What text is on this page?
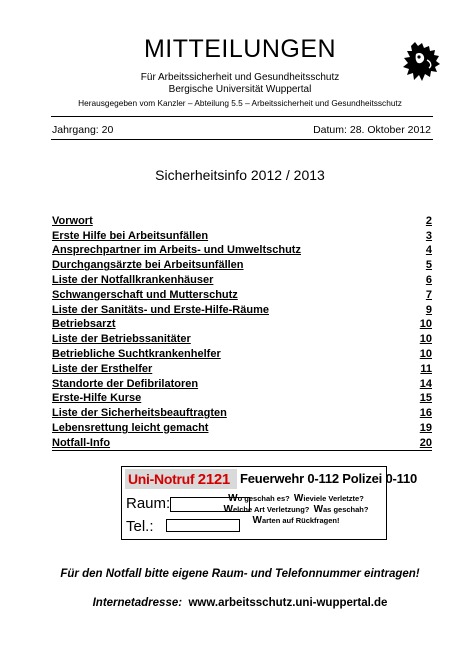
MITTEILUNGEN
Für Arbeitssicherheit und Gesundheitsschutz
Bergische Universität Wuppertal
Herausgegeben vom Kanzler – Abteilung 5.5 – Arbeitssicherheit und Gesundheitsschutz
Jahrgang: 20	Datum: 28. Oktober 2012
Sicherheitsinfo 2012 / 2013
Vorwort	2
Erste Hilfe bei Arbeitsunfällen	3
Ansprechpartner im Arbeits- und Umweltschutz	4
Durchgangsärzte bei Arbeitsunfällen	5
Liste der Notfallkrankenhäuser	6
Schwangerschaft und Mutterschutz	7
Liste der Sanitäts- und Erste-Hilfe-Räume	9
Betriebsarzt	10
Liste der Betriebssanitäter	10
Betriebliche Suchtkrankenhelfer	10
Liste der Ersthelfer	11
Standorte der Defibrilatoren	14
Erste-Hilfe Kurse	15
Liste der Sicherheitsbeauftragten	16
Lebensrettung leicht gemacht	19
Notfall-Info	20
Uni-Notruf 2121 Feuerwehr 0-112 Polizei 0-110
Raum:
Tel.:
Wo geschah es? Wieviele Verletzte?
Welche Art Verletzung? Was geschah?
Warten auf Rückfragen!
Für den Notfall bitte eigene Raum- und Telefonnummer eintragen!
Internetadresse: www.arbeitsschutz.uni-wuppertal.de
